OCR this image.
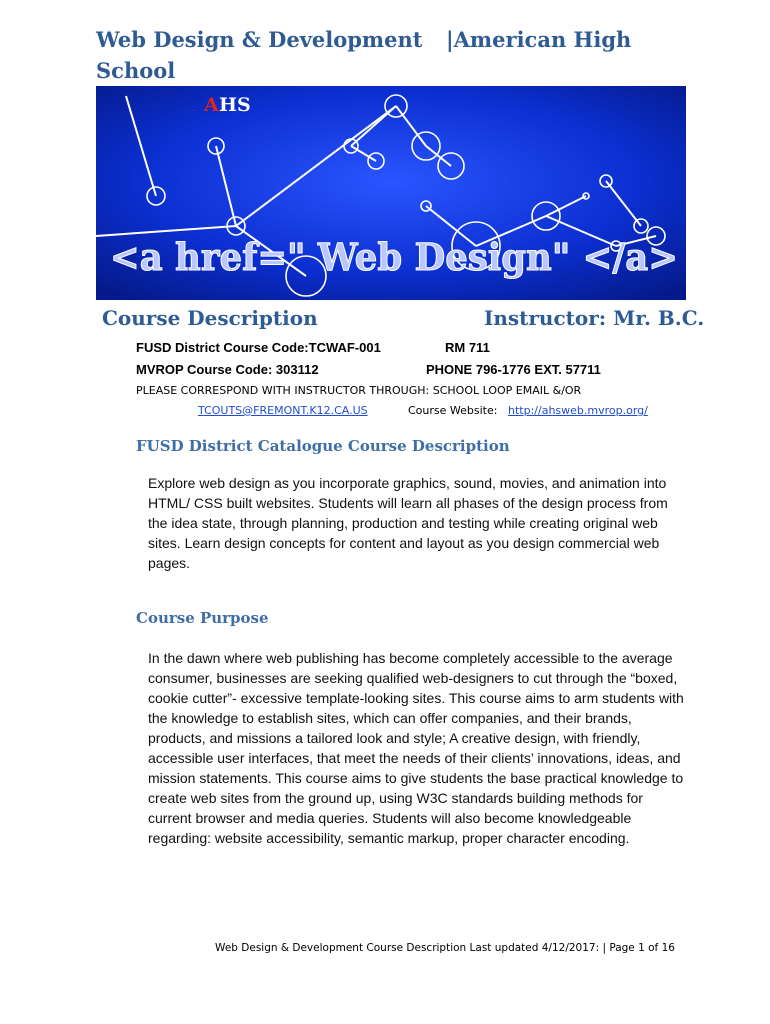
Web Design & Development |American High

School
A HS
<a href=" Web Design" </a>
Course Description	Instructor: Mr. B.C.
FUSD District Course Code:TCWAF-001	RM 711
MVROP Course Code: 303112	PHONE 796-1776 EXT. 57711
PLEASE CORRESPOND WITH INSTRUCTOR THROUGH: SCHOOL LOOP EMAIL &/OR
TCOUTS@FREMONT.K12.CA.US	Course Website: http://ahsweb.mvrop.org/
FUSD District Catalogue Course Description
Explore web design as you incorporate graphics, sound, movies, and animation into HTML/ CSS built websites. Students will learn all phases of the design process from the idea state, through planning, production and testing while creating original web sites. Learn design concepts for content and layout as you design commercial web pages.
Course Purpose
In the dawn where web publishing has become completely accessible to the average consumer, businesses are seeking qualified web-designers to cut through the “boxed, cookie cutter”- excessive template-looking sites. This course aims to arm students with the knowledge to establish sites, which can offer companies, and their brands, products, and missions a tailored look and style; A creative design, with friendly, accessible user interfaces, that meet the needs of their clients’ innovations, ideas, and mission statements. This course aims to give students the base practical knowledge to create web sites from the ground up, using W3C standards building methods for current browser and media queries. Students will also become knowledgeable regarding: website accessibility, semantic markup, proper character encoding.
Web Design & Development Course Description Last updated 4/12/2017: | Page 1 of 16
